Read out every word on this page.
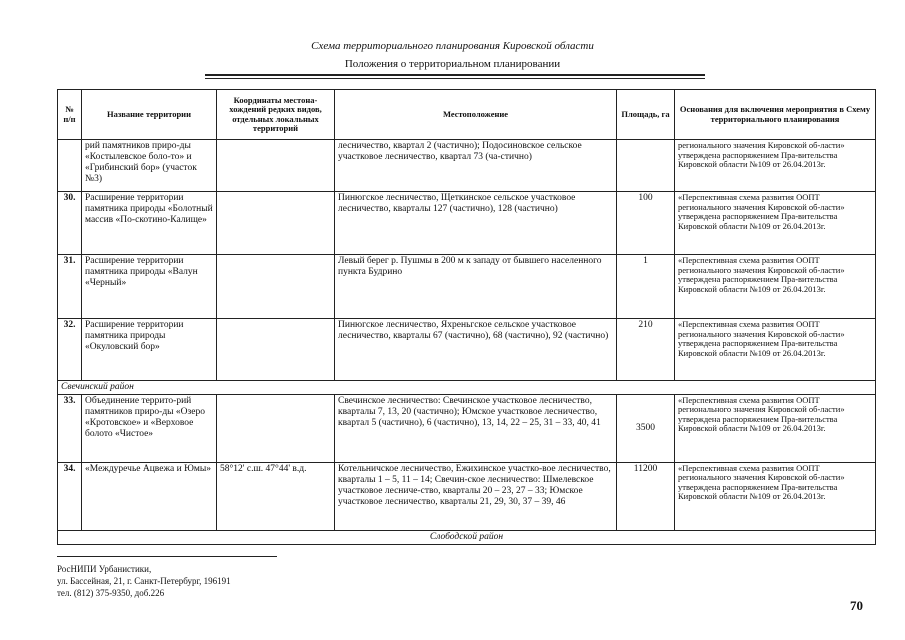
Схема территориального планирования Кировской области
Положения о территориальном планировании
№ п/п	Название территории	Координаты местона-хождений редких видов, отдельных локальных территорий	Местоположение	Площадь, га	Основания для включения мероприятия в Схему территориального планирования
	рий памятников приро-ды «Костылевское боло-то» и «Грибинский бор» (участок №3)		лесничество, квартал 2 (частично); Подосиновское сельское участковое лесничество, квартал 73 (ча-стично)		регионального значения Кировской об-ласти» утверждена распоряжением Пра-вительства Кировской области №109 от 26.04.2013г.
30.	Расширение территории памятника природы «Болотный массив «По-скотино-Калище»		Пинюгское лесничество, Щеткинское сельское участковое лесничество, кварталы 127 (частично), 128 (частично)	100	«Перспективная схема развития ООПТ регионального значения Кировской об-ласти» утверждена распоряжением Пра-вительства Кировской области №109 от 26.04.2013г.
31.	Расширение территории памятника природы «Валун «Черный»		Левый берег р. Пушмы в 200 м к западу от бывшего населенного пункта Будрино	1	«Перспективная схема развития ООПТ регионального значения Кировской об-ласти» утверждена распоряжением Пра-вительства Кировской области №109 от 26.04.2013г.
32.	Расширение территории памятника природы «Окуловский бор»		Пинюгское лесничество, Яхреньгское сельское участковое лесничество, кварталы 67 (частично), 68 (частично), 92 (частично)	210	«Перспективная схема развития ООПТ регионального значения Кировской об-ласти» утверждена распоряжением Пра-вительства Кировской области №109 от 26.04.2013г.
Свечинский район					
33.	Объединение террито-рий памятников приро-ды «Озеро «Кротовское» и «Верховое болото «Чистое»		Свечинское лесничество: Свечинское участковое лесничество, кварталы 7, 13, 20 (частично); Юмское участковое лесничество, квартал 5 (частично), 6 (частично), 13, 14, 22 – 25, 31 – 33, 40, 41	3500	«Перспективная схема развития ООПТ регионального значения Кировской об-ласти» утверждена распоряжением Пра-вительства Кировской области №109 от 26.04.2013г.
34.	«Междуречье Ацвежа и Юмы»	58°12' с.ш. 47°44' в.д.	Котельничское лесничество, Ежихинское участко-вое лесничество, кварталы 1 – 5, 11 – 14; Свечин-ское лесничество: Шмелевское участковое лесниче-ство, кварталы 20 – 23, 27 – 33; Юмское участковое лесничество, кварталы 21, 29, 30, 37 – 39, 46	11200	«Перспективная схема развития ООПТ регионального значения Кировской об-ласти» утверждена распоряжением Пра-вительства Кировской области №109 от 26.04.2013г.
Слободской район					
РосНИПИ Урбанистики,
ул. Бассейная, 21, г. Санкт-Петербург, 196191
тел. (812) 375-9350, доб.226
70
